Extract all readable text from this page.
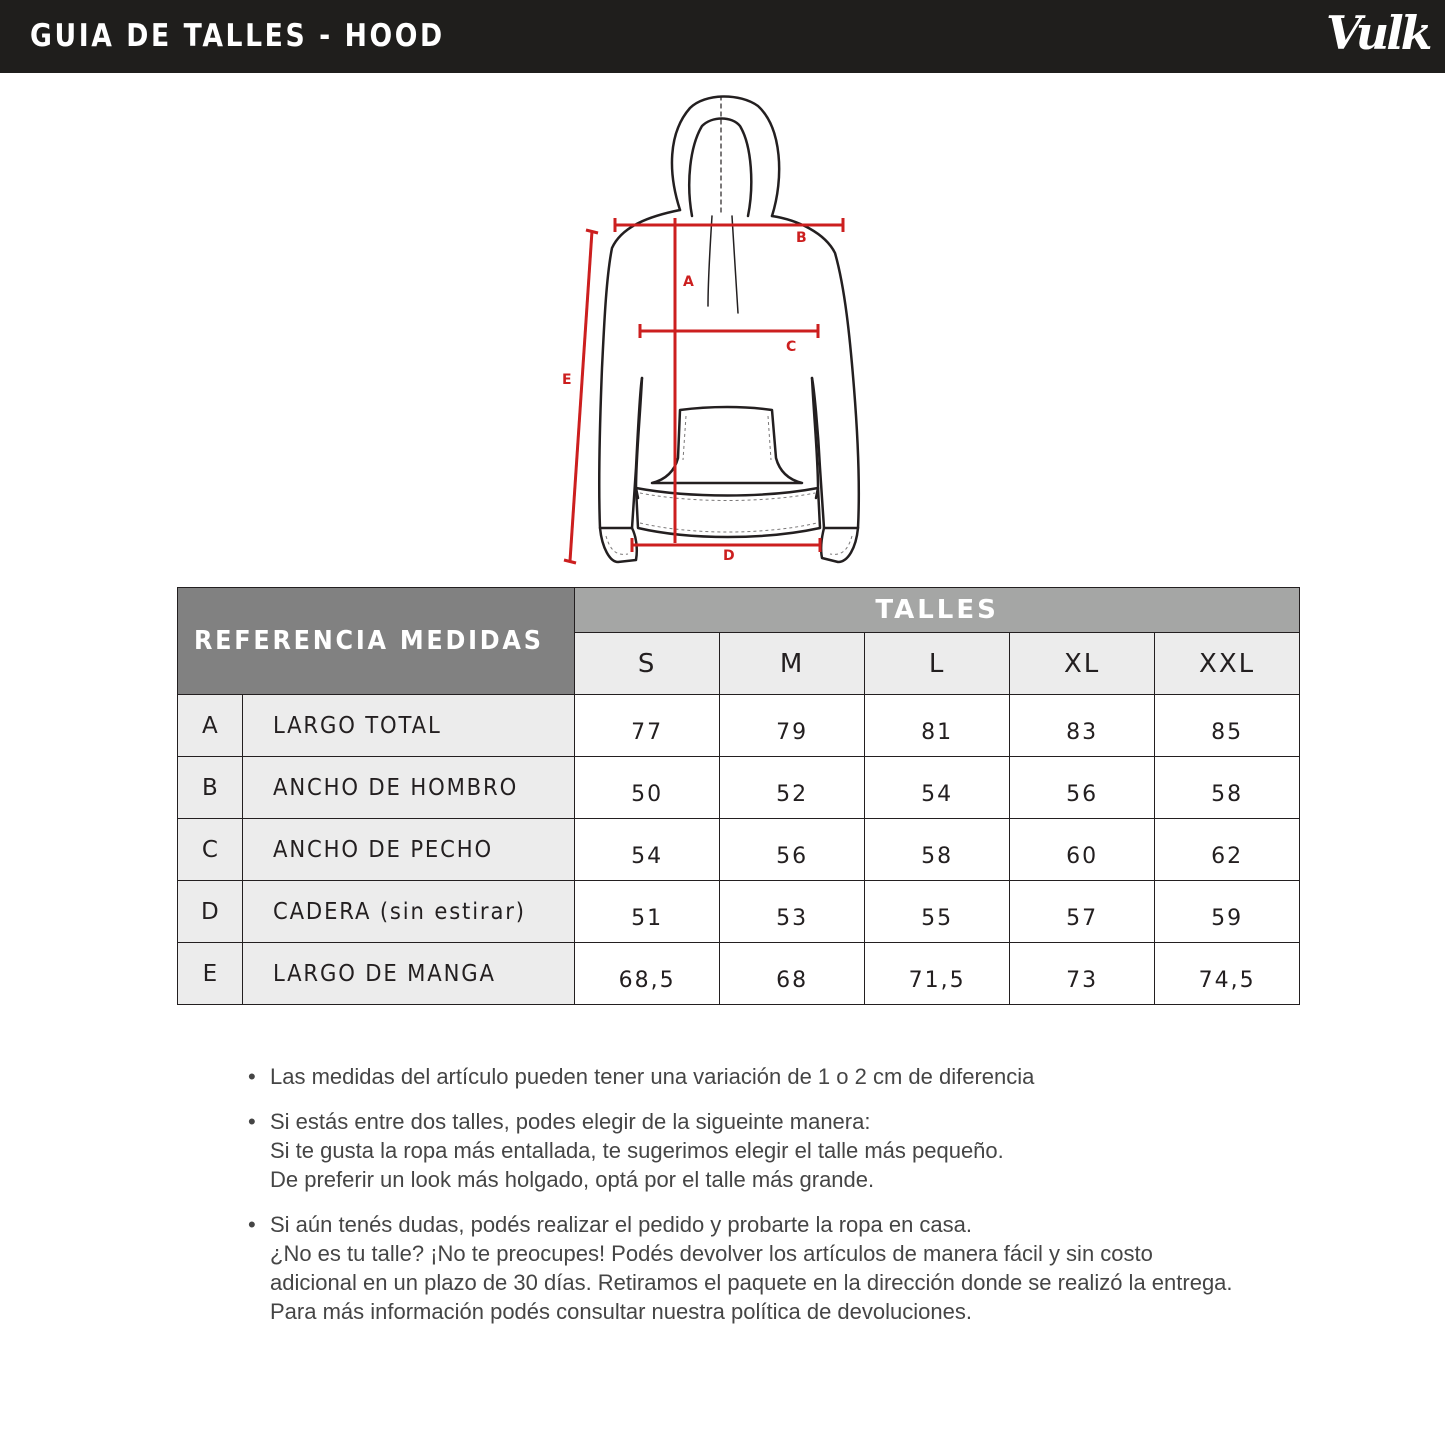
GUIA DE TALLES - HOOD	Vulk
A
B
C
D
E
REFERENCIA MEDIDAS		TALLES				
		S	M	L	XL	XXL
A	LARGO TOTAL	77	79	81	83	85
B	ANCHO DE HOMBRO	50	52	54	56	58
C	ANCHO DE PECHO	54	56	58	60	62
D	CADERA (sin estirar)	51	53	55	57	59
E	LARGO DE MANGA	68,5	68	71,5	73	74,5
• Las medidas del artículo pueden tener una variación de 1 o 2 cm de diferencia
• Si estás entre dos talles, podes elegir de la sigueinte manera:
Si te gusta la ropa más entallada, te sugerimos elegir el talle más pequeño.
De preferir un look más holgado, optá por el talle más grande.
• Si aún tenés dudas, podés realizar el pedido y probarte la ropa en casa.
¿No es tu talle? ¡No te preocupes! Podés devolver los artículos de manera fácil y sin costo
adicional en un plazo de 30 días. Retiramos el paquete en la dirección donde se realizó la entrega.
Para más información podés consultar nuestra política de devoluciones.
